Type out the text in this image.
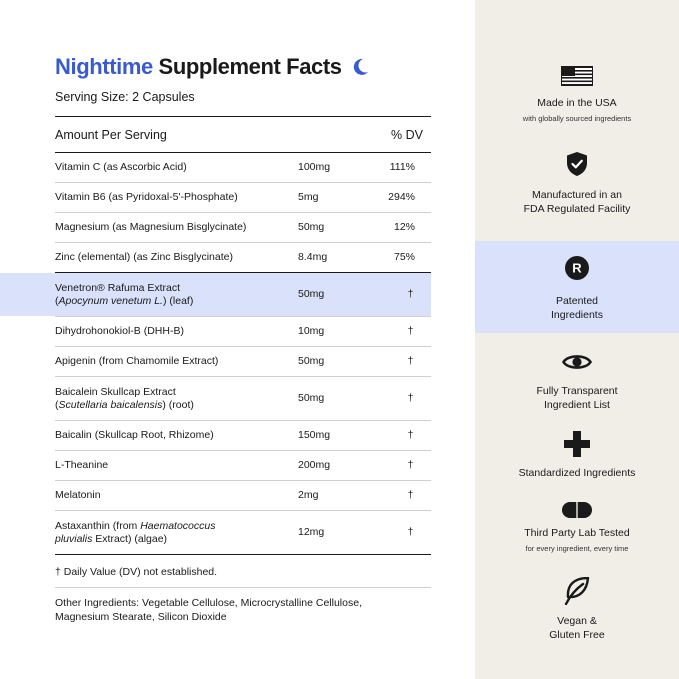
Nighttime Supplement Facts
Serving Size: 2 Capsules
Amount Per Serving	% DV
Vitamin C (as Ascorbic Acid)	100mg	111%
Vitamin B6 (as Pyridoxal-5'-Phosphate)	5mg	294%
Magnesium (as Magnesium Bisglycinate)	50mg	12%
Zinc (elemental) (as Zinc Bisglycinate)	8.4mg	75%
Venetron® Rafuma Extract
(Apocynum venetum L.) (leaf)
50mg	†
Dihydrohonokiol-B (DHH-B)	10mg	†
Apigenin (from Chamomile Extract)	50mg	†
Baicalein Skullcap Extract
(Scutellaria baicalensis) (root)
50mg	†
Baicalin (Skullcap Root, Rhizome)	150mg	†
L-Theanine	200mg	†
Melatonin	2mg	†
Astaxanthin (from Haematococcus
pluvialis Extract) (algae)
12mg	†
† Daily Value (DV) not established.
Other Ingredients: Vegetable Cellulose, Microcrystalline Cellulose, Magnesium Stearate, Silicon Dioxide
Made in the USA
with globally sourced ingredients
Manufactured in an
FDA Regulated Facility
R
Patented
Ingredients
Fully Transparent
Ingredient List
Standardized Ingredients
Third Party Lab Tested
for every ingredient, every time
Vegan &
Gluten Free
